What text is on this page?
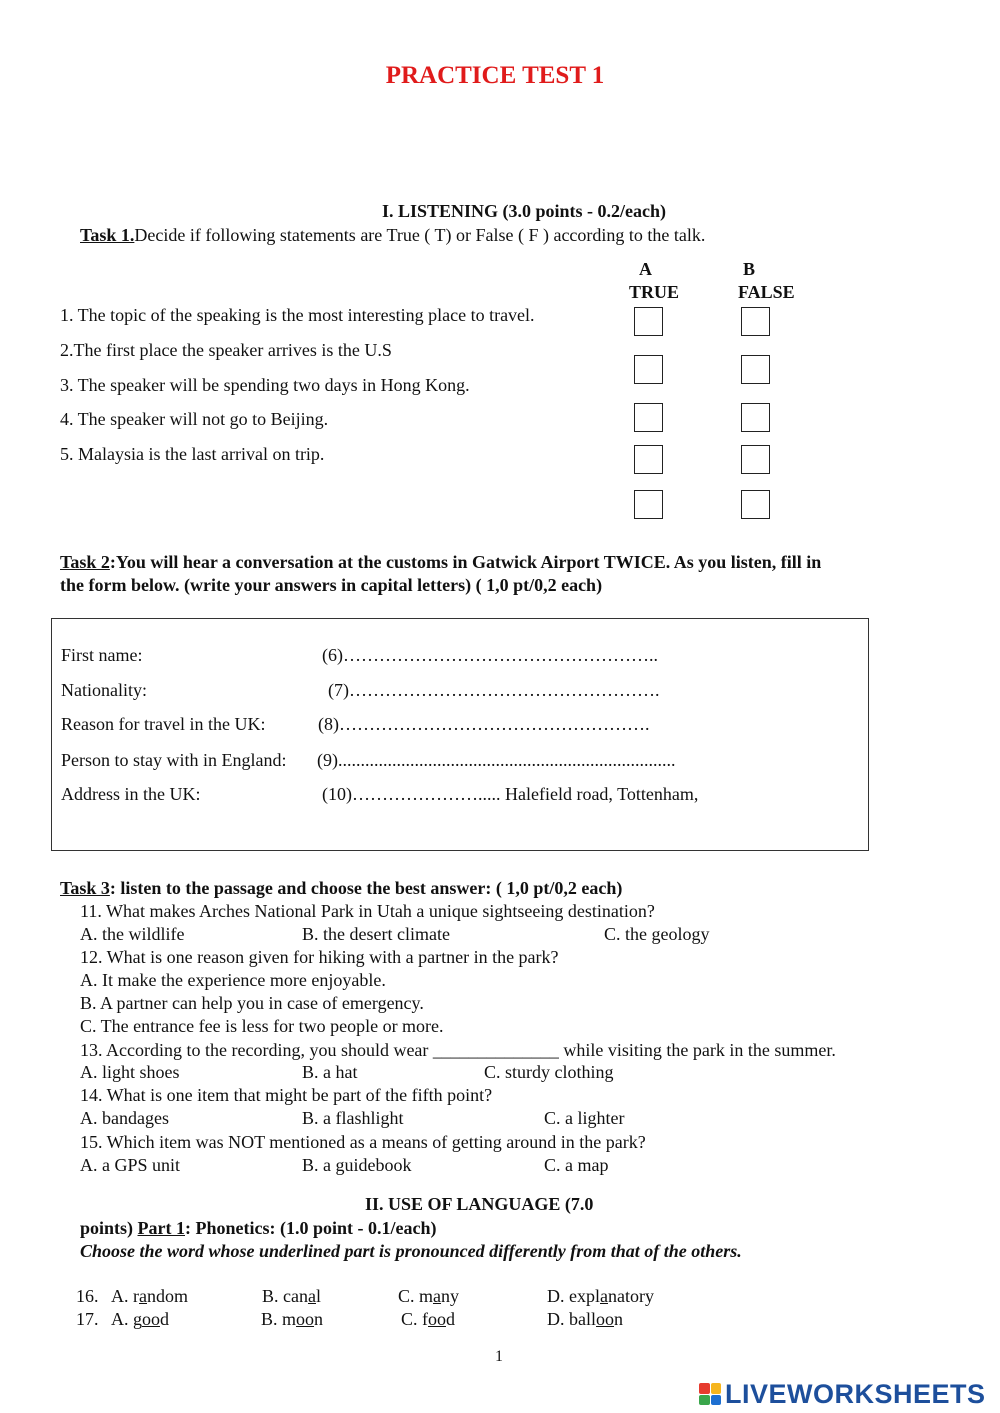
PRACTICE TEST 1
I. LISTENING (3.0 points - 0.2/each)
Task 1.Decide if following statements are True ( T) or False ( F ) according to the talk.
A
TRUE
B
FALSE
1. The topic of the speaking is the most interesting place to travel.
2.The first place the speaker arrives is the U.S
3. The speaker will be spending two days in Hong Kong.
4. The speaker will not go to Beijing.
5. Malaysia is the last arrival on trip.
Task 2:You will hear a conversation at the customs in Gatwick Airport TWICE. As you listen, fill in
the form below. (write your answers in capital letters) ( 1,0 pt/0,2 each)
First name:	(6)……………………………………………..
Nationality:	(7)…………………………………………….
Reason for travel in the UK:	(8)…………………………………………….
Person to stay with in England: (9)...........................................................................
Address in the UK:	(10)…………………..... Halefield road, Tottenham,
Task 3: listen to the passage and choose the best answer: ( 1,0 pt/0,2 each)
11. What makes Arches National Park in Utah a unique sightseeing destination?
A. the wildlife	B. the desert climate	C. the geology
12. What is one reason given for hiking with a partner in the park?
A. It make the experience more enjoyable.
B. A partner can help you in case of emergency.
C. The entrance fee is less for two people or more.
13. According to the recording, you should wear ______________ while visiting the park in the summer.
A. light shoes	B. a hat	C. sturdy clothing
14. What is one item that might be part of the fifth point?
A. bandages	B. a flashlight	C. a lighter
15. Which item was NOT mentioned as a means of getting around in the park?
A. a GPS unit	B. a guidebook	C. a map
II. USE OF LANGUAGE (7.0
points) Part 1: Phonetics: (1.0 point - 0.1/each)
Choose the word whose underlined part is pronounced differently from that of the others.
16. A. random	B. canal	C. many	D. explanatory
17. A. good	B. moon	C. food	D. balloon
1
LIVEWORKSHEETS
